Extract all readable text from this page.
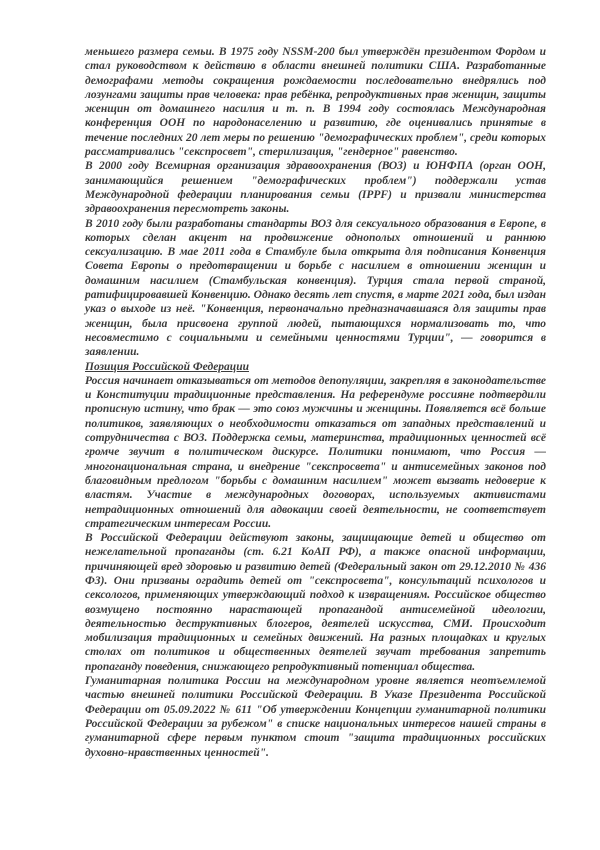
меньшего размера семьи. В 1975 году NSSM-200 был утверждён президентом Фордом и стал руководством к действию в области внешней политики США. Разработанные демографами методы сокращения рождаемости последовательно внедрялись под лозунгами защиты прав человека: прав ребёнка, репродуктивных прав женщин, защиты женщин от домашнего насилия и т. п. В 1994 году состоялась Международная конференция ООН по народонаселению и развитию, где оценивались принятые в течение последних 20 лет меры по решению "демографических проблем", среди которых рассматривались "секспросвет", стерилизация, "гендерное" равенство.

В 2000 году Всемирная организация здравоохранения (ВОЗ) и ЮНФПА (орган ООН, занимающийся решением "демографических проблем") поддержали устав Международной федерации планирования семьи (IPPF) и призвали министерства здравоохранения пересмотреть законы.

В 2010 году были разработаны стандарты ВОЗ для сексуального образования в Европе, в которых сделан акцент на продвижение однополых отношений и раннюю сексуализацию. В мае 2011 года в Стамбуле была открыта для подписания Конвенция Совета Европы о предотвращении и борьбе с насилием в отношении женщин и домашним насилием (Стамбульская конвенция). Турция стала первой страной, ратифицировавшей Конвенцию. Однако десять лет спустя, в марте 2021 года, был издан указ о выходе из неё. "Конвенция, первоначально предназначавшаяся для защиты прав женщин, была присвоена группой людей, пытающихся нормализовать то, что несовместимо с социальными и семейными ценностями Турции", — говорится в заявлении.

Позиция Российской Федерации

Россия начинает отказываться от методов депопуляции, закрепляя в законодательстве и Конституции традиционные представления. На референдуме россияне подтвердили прописную истину, что брак — это союз мужчины и женщины. Появляется всё больше политиков, заявляющих о необходимости отказаться от западных представлений и сотрудничества с ВОЗ. Поддержка семьи, материнства, традиционных ценностей всё громче звучит в политическом дискурсе. Политики понимают, что Россия — многонациональная страна, и внедрение "секспросвета" и антисемейных законов под благовидным предлогом "борьбы с домашним насилием" может вызвать недоверие к властям. Участие в международных договорах, используемых активистами нетрадиционных отношений для адвокации своей деятельности, не соответствует стратегическим интересам России.

В Российской Федерации действуют законы, защищающие детей и общество от нежелательной пропаганды (ст. 6.21 КоАП РФ), а также опасной информации, причиняющей вред здоровью и развитию детей (Федеральный закон от 29.12.2010 № 436 ФЗ). Они призваны оградить детей от "секспросвета", консультаций психологов и сексологов, применяющих утверждающий подход к извращениям. Российское общество возмущено постоянно нарастающей пропагандой антисемейной идеологии, деятельностью деструктивных блогеров, деятелей искусства, СМИ. Происходит мобилизация традиционных и семейных движений. На разных площадках и круглых столах от политиков и общественных деятелей звучат требования запретить пропаганду поведения, снижающего репродуктивный потенциал общества.

Гуманитарная политика России на международном уровне является неотъемлемой частью внешней политики Российской Федерации. В Указе Президента Российской Федерации от 05.09.2022 № 611 "Об утверждении Концепции гуманитарной политики Российской Федерации за рубежом" в списке национальных интересов нашей страны в гуманитарной сфере первым пунктом стоит "защита традиционных российских духовно-нравственных ценностей".
